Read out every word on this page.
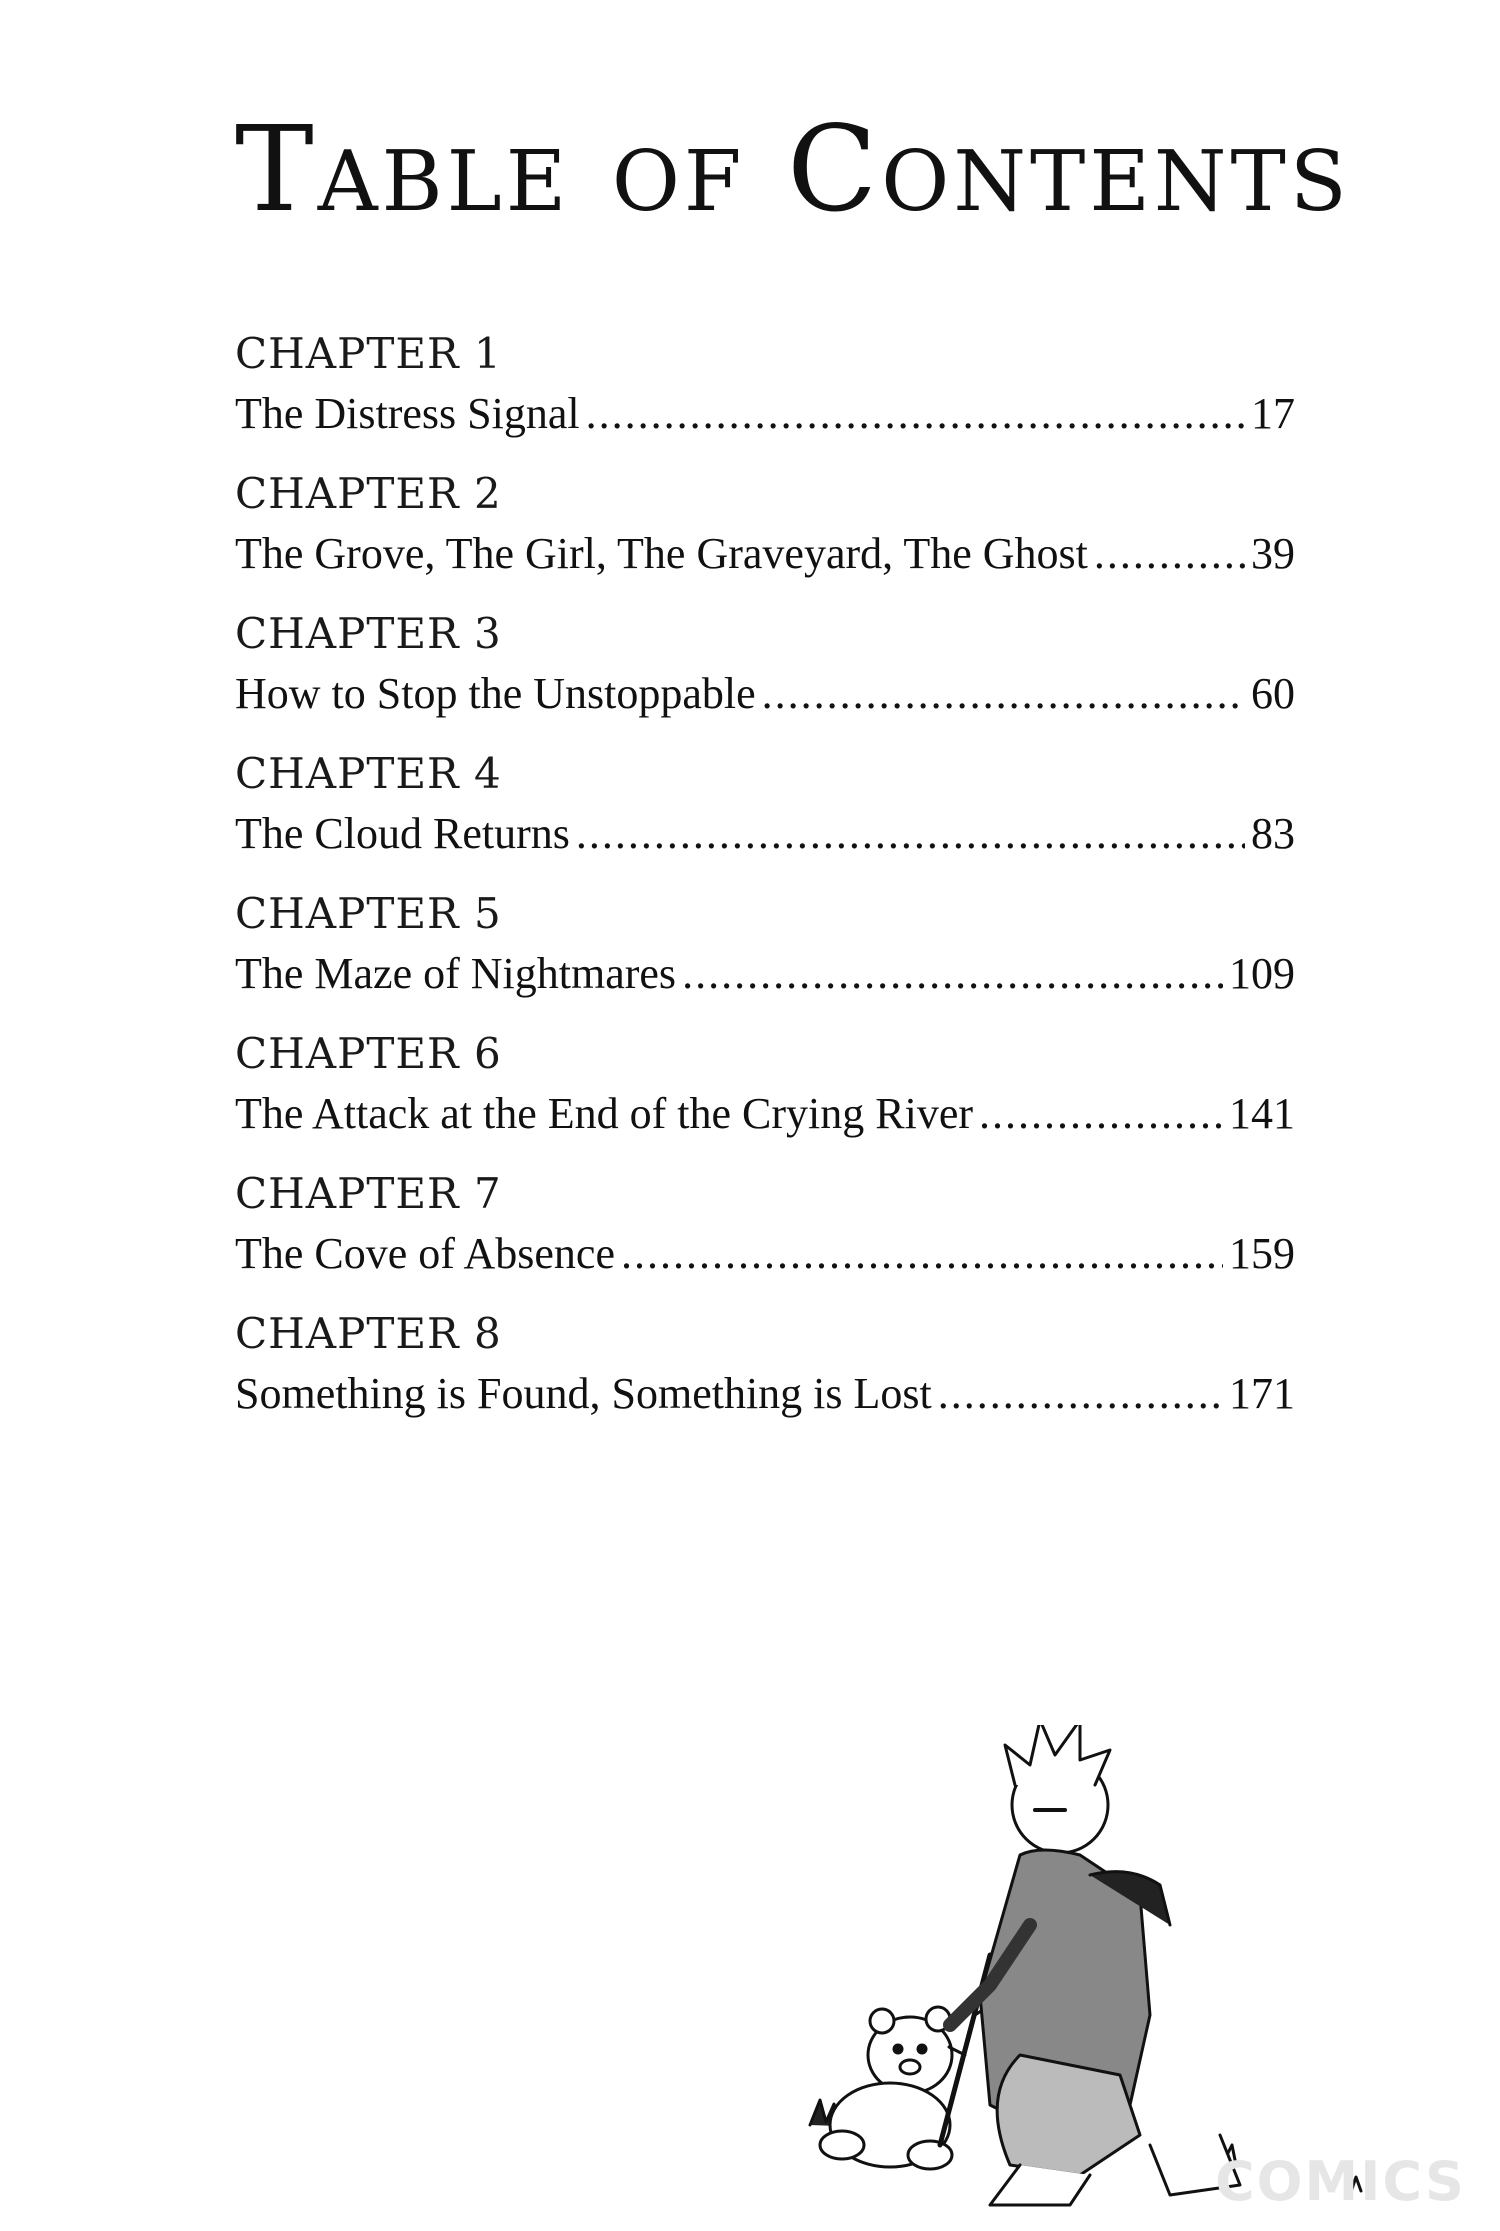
Table of Contents
CHAPTER 1
The Distress Signal .....	17
CHAPTER 2
The Grove, The Girl, The Graveyard, The Ghost .....	39
CHAPTER 3
How to Stop the Unstoppable .....	60
CHAPTER 4
The Cloud Returns .....	83
CHAPTER 5
The Maze of Nightmares .....	109
CHAPTER 6
The Attack at the End of the Crying River .....	141
CHAPTER 7
The Cove of Absence .....	159
CHAPTER 8
Something is Found, Something is Lost .....	171
COMICS
